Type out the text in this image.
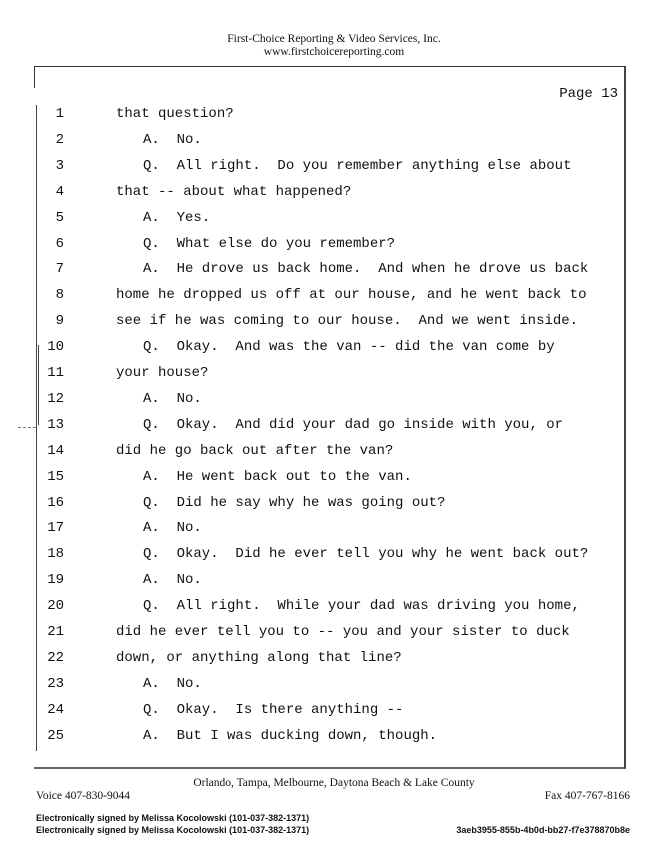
First-Choice Reporting & Video Services, Inc.
www.firstchoicereporting.com
Page 13
1	that question?
2	A.  No.
3	Q.  All right.  Do you remember anything else about
4	that -- about what happened?
5	A.  Yes.
6	Q.  What else do you remember?
7	A.  He drove us back home.  And when he drove us back
8	home he dropped us off at our house, and he went back to
9	see if he was coming to our house.  And we went inside.
10	Q.  Okay.  And was the van -- did the van come by
11	your house?
12	A.  No.
13	Q.  Okay.  And did your dad go inside with you, or
14	did he go back out after the van?
15	A.  He went back out to the van.
16	Q.  Did he say why he was going out?
17	A.  No.
18	Q.  Okay.  Did he ever tell you why he went back out?
19	A.  No.
20	Q.  All right.  While your dad was driving you home,
21	did he ever tell you to -- you and your sister to duck
22	down, or anything along that line?
23	A.  No.
24	Q.  Okay.  Is there anything --
25	A.  But I was ducking down, though.
Orlando, Tampa, Melbourne, Daytona Beach & Lake County
Voice 407-830-9044	Fax 407-767-8166
Electronically signed by Melissa Kocolowski (101-037-382-1371)
Electronically signed by Melissa Kocolowski (101-037-382-1371)	3aeb3955-855b-4b0d-bb27-f7e378870b8e
